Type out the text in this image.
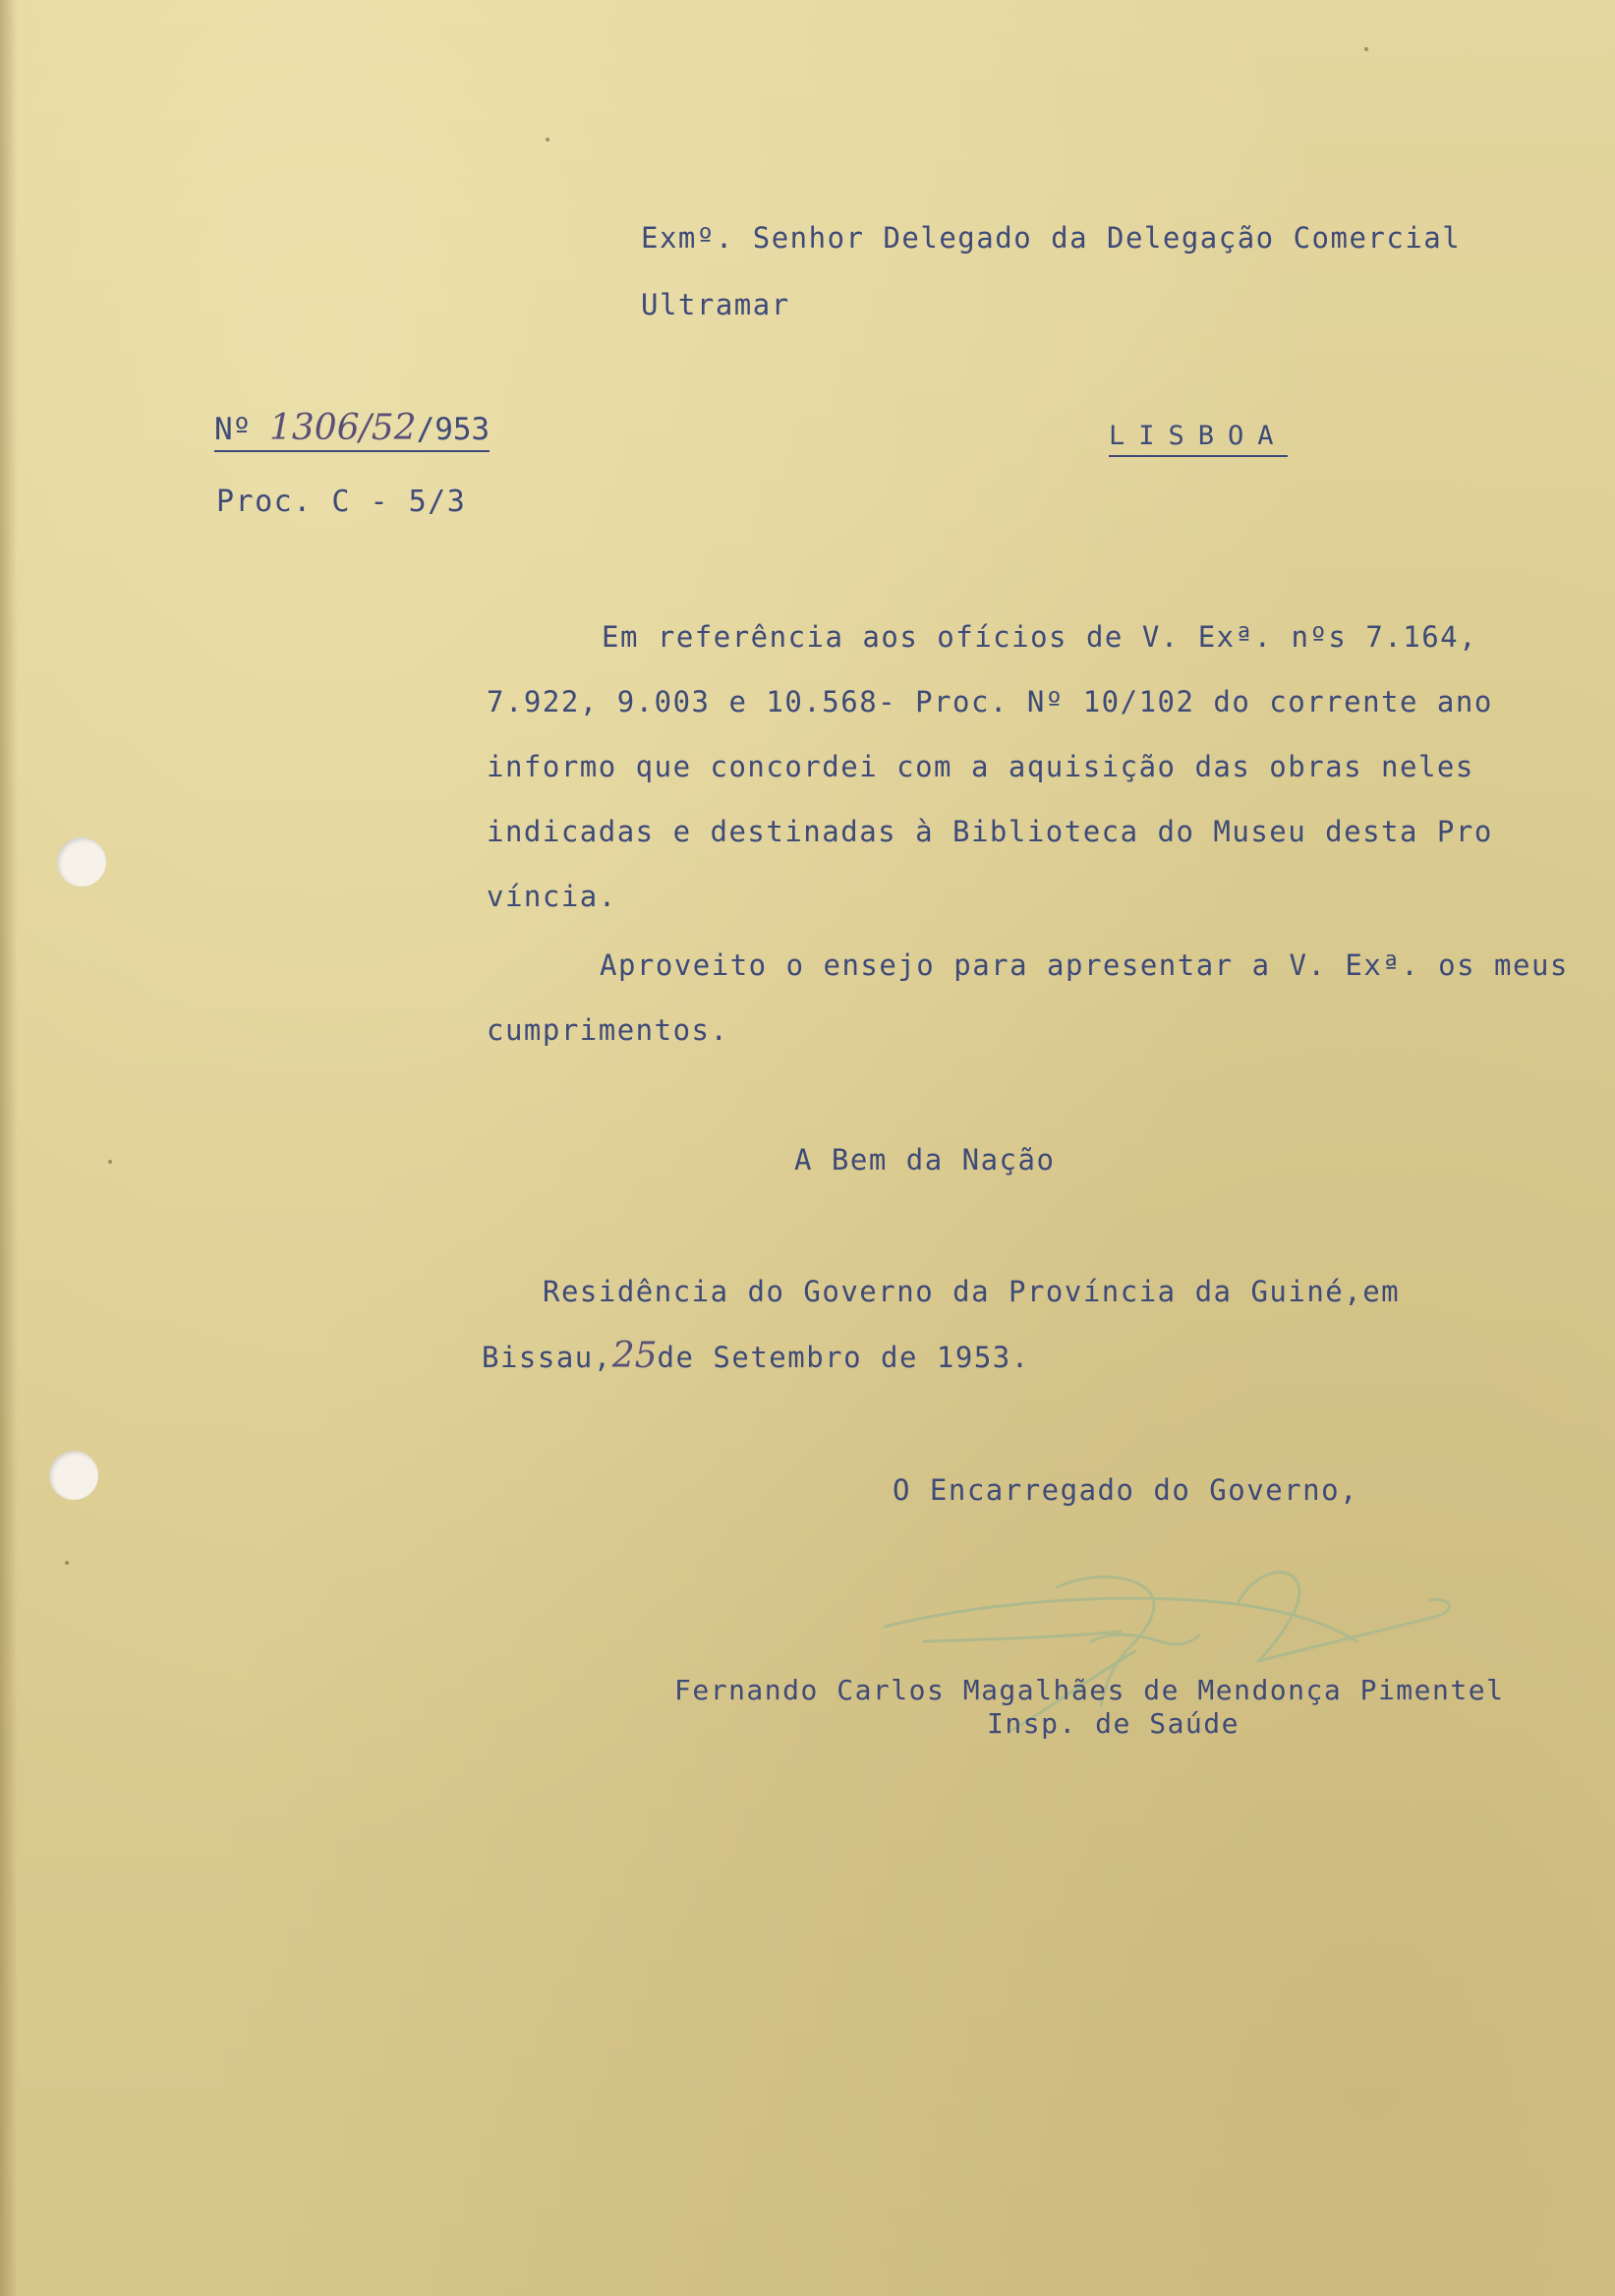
Exmº. Senhor Delegado da Delegação Comercial
Ultramar
Nº 1306/52/953	LISBOA
Proc. C - 5/3
Em referência aos ofícios de V. Exª. nºs 7.164,
7.922, 9.003 e 10.568- Proc. Nº 10/102 do corrente ano
informo que concordei com a aquisição das obras neles
indicadas e destinadas à Biblioteca do Museu desta Pro
víncia.
Aproveito o ensejo para apresentar a V. Exª. os meus
cumprimentos.
A Bem da Nação
Residência do Governo da Província da Guiné,em
Bissau,25de Setembro de 1953.
O Encarregado do Governo,
Fernando Carlos Magalhães de Mendonça Pimentel
Insp. de Saúde
